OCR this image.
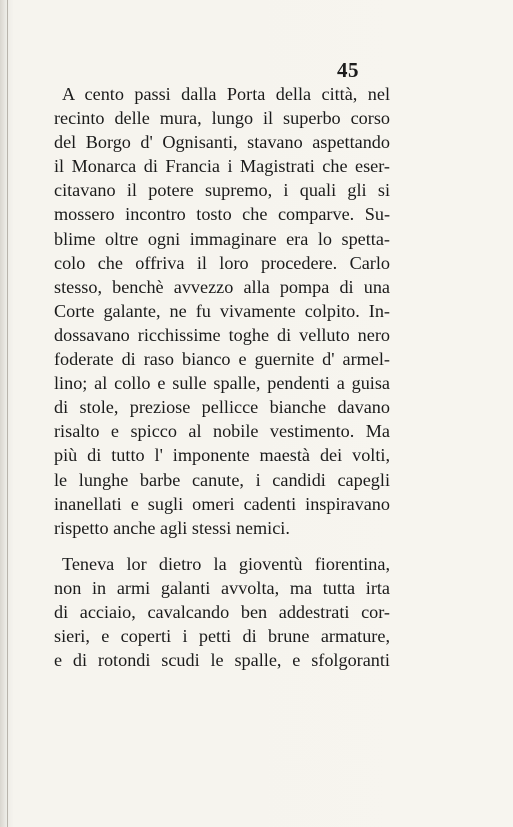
45
A cento passi dalla Porta della città, nel
recinto delle mura, lungo il superbo corso
del Borgo d' Ognisanti, stavano aspettando
il Monarca di Francia i Magistrati che eser-
citavano il potere supremo, i quali gli si
mossero incontro tosto che comparve. Su-
blime oltre ogni immaginare era lo spetta-
colo che offriva il loro procedere. Carlo
stesso, benchè avvezzo alla pompa di una
Corte galante, ne fu vivamente colpito. In-
dossavano ricchissime toghe di velluto nero
foderate di raso bianco e guernite d' armel-
lino; al collo e sulle spalle, pendenti a guisa
di stole, preziose pellicce bianche davano
risalto e spicco al nobile vestimento. Ma
più di tutto l' imponente maestà dei volti,
le lunghe barbe canute, i candidi capegli
inanellati e sugli omeri cadenti inspiravano
rispetto anche agli stessi nemici.
Teneva lor dietro la gioventù fiorentina,
non in armi galanti avvolta, ma tutta irta
di acciaio, cavalcando ben addestrati cor-
sieri, e coperti i petti di brune armature,
e di rotondi scudi le spalle, e sfolgoranti
